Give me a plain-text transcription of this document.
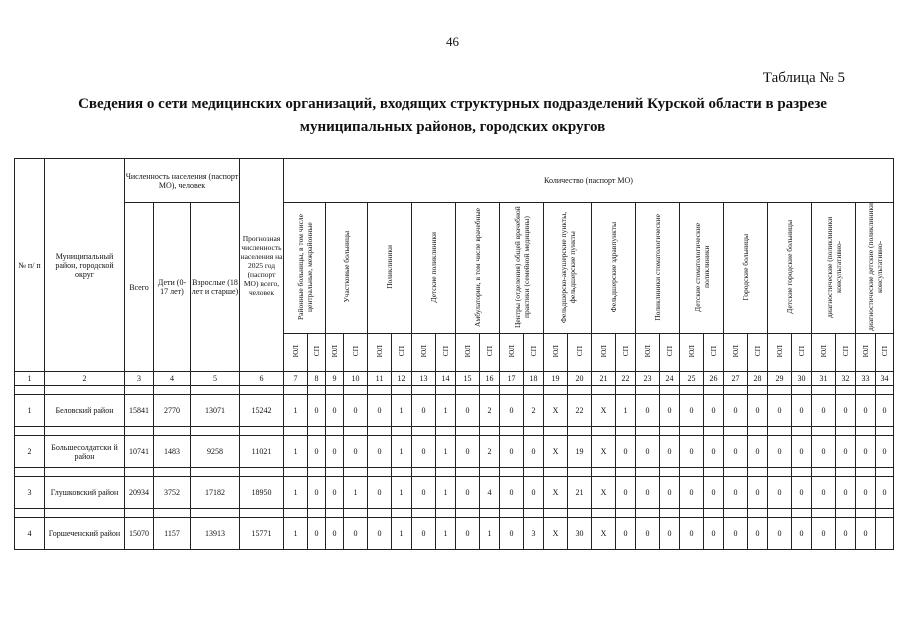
46
Таблица № 5
Сведения о сети медицинских организаций, входящих структурных подразделений Курской области в разрезе
муниципальных районов, городских округов
№ п/ п	Муниципальный район, городской округ	Численность населения (паспорт МО), человек			Прогнозная численность населения на 2025 год (паспорт МО) всего, человек	Количество (паспорт МО)																											
		Всего	Дети (0- 17 лет)	Взрослые (18 лет и старше)		Районные больницы, в том числе центральные, межрайонные		Участковые больницы		Поликлиники		Детские поликлиники		Амбулатории, в том числе врачебные		Центры (отделения) общей врачебной практики (семейной медицины)		Фельдшерско-акушерские пункты, фельдшерские пункты		Фельдшерские здравпункты		Поликлиники стоматологические		Детские стоматологические поликлиники		Городские больницы		Детские городские больницы		диагностические (поликлиники консультативно-		диагностические детские (поликлиники консультативно-	
						ЮЛ	СП	ЮЛ	СП	ЮЛ	СП	ЮЛ	СП	ЮЛ	СП	ЮЛ	СП	ЮЛ	СП	ЮЛ	СП	ЮЛ	СП	ЮЛ	СП	ЮЛ	СП	ЮЛ	СП	ЮЛ	СП	ЮЛ	СП
1	2	3	4	5	6	7	8	9	10	11	12	13	14	15	16	17	18	19	20	21	22	23	24	25	26	27	28	29	30	31	32	33	34

1	Беловский район	15841	2770	13071	15242	1	0	0	0	0	1	0	1	0	2	0	2	Х	22	Х	1	0	0	0	0	0	0	0	0	0	0	0	0

2	Большесолдатски й район	10741	1483	9258	11021	1	0	0	0	0	1	0	1	0	2	0	0	Х	19	Х	0	0	0	0	0	0	0	0	0	0	0	0	0

3	Глушковский район	20934	3752	17182	18950	1	0	0	1	0	1	0	1	0	4	0	0	Х	21	Х	0	0	0	0	0	0	0	0	0	0	0	0	0

4	Горшеченский район	15070	1157	13913	15771	1	0	0	0	0	1	0	1	0	1	0	3	Х	30	Х	0	0	0	0	0	0	0	0	0	0	0	0	
